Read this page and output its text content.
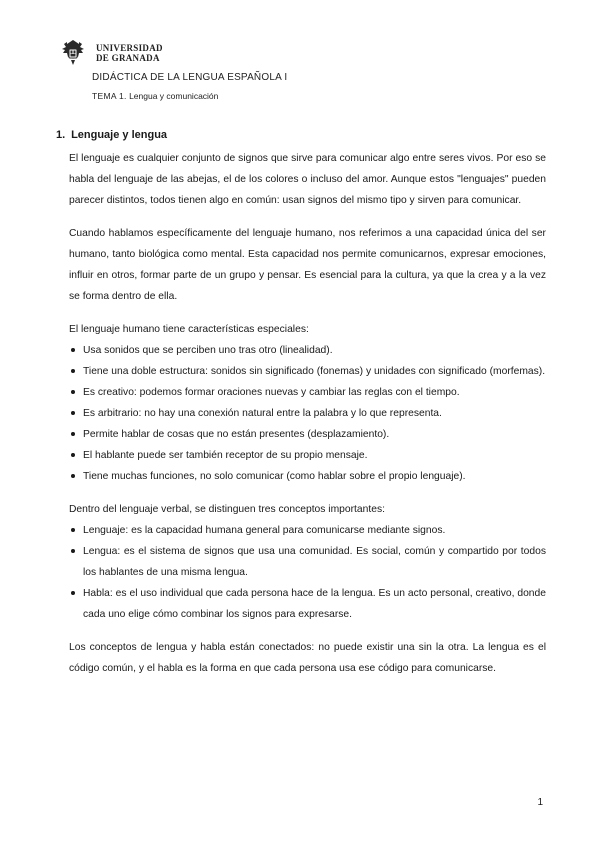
UNIVERSIDAD
DE GRANADA
DIDÁCTICA DE LA LENGUA ESPAÑOLA I
TEMA 1. Lengua y comunicación
1. Lenguaje y lengua

El lenguaje es cualquier conjunto de signos que sirve para comunicar algo entre seres vivos. Por eso se habla del lenguaje de las abejas, el de los colores o incluso del amor. Aunque estos "lenguajes" pueden parecer distintos, todos tienen algo en común: usan signos del mismo tipo y sirven para comunicar.

Cuando hablamos específicamente del lenguaje humano, nos referimos a una capacidad única del ser humano, tanto biológica como mental. Esta capacidad nos permite comunicarnos, expresar emociones, influir en otros, formar parte de un grupo y pensar. Es esencial para la cultura, ya que la crea y a la vez se forma dentro de ella.

El lenguaje humano tiene características especiales:

Usa sonidos que se perciben uno tras otro (linealidad).
Tiene una doble estructura: sonidos sin significado (fonemas) y unidades con significado (morfemas).
Es creativo: podemos formar oraciones nuevas y cambiar las reglas con el tiempo.
Es arbitrario: no hay una conexión natural entre la palabra y lo que representa.
Permite hablar de cosas que no están presentes (desplazamiento).
El hablante puede ser también receptor de su propio mensaje.
Tiene muchas funciones, no solo comunicar (como hablar sobre el propio lenguaje).

Dentro del lenguaje verbal, se distinguen tres conceptos importantes:

Lenguaje: es la capacidad humana general para comunicarse mediante signos.
Lengua: es el sistema de signos que usa una comunidad. Es social, común y compartido por todos los hablantes de una misma lengua.
Habla: es el uso individual que cada persona hace de la lengua. Es un acto personal, creativo, donde cada uno elige cómo combinar los signos para expresarse.

Los conceptos de lengua y habla están conectados: no puede existir una sin la otra. La lengua es el código común, y el habla es la forma en que cada persona usa ese código para comunicarse.

1
